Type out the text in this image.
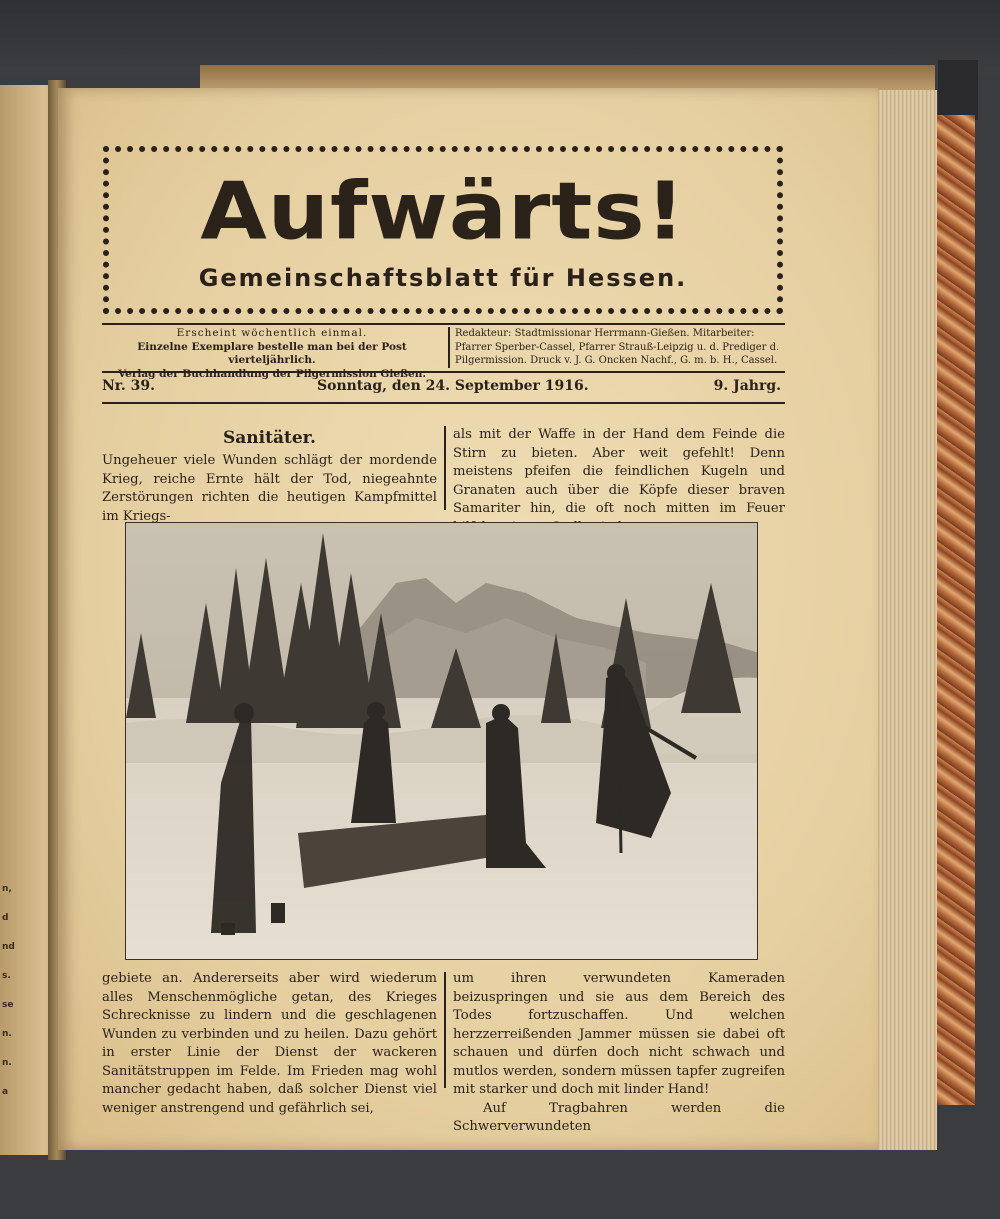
n,
d
nd
s.
se
n.
n.
a
Aufwärts!
Gemeinschaftsblatt für Hessen.
Erscheint wöchentlich einmal.
Einzelne Exemplare bestelle man bei der Post vierteljährlich.
Verlag der Buchhandlung der Pilgermission Gießen.
Redakteur: Stadtmissionar Herrmann-Gießen. Mitarbeiter:
Pfarrer Sperber-Cassel, Pfarrer Strauß-Leipzig u. d. Prediger d.
Pilgermission. Druck v. J. G. Oncken Nachf., G. m. b. H., Cassel.
Nr. 39.	Sonntag, den 24. September 1916.	9. Jahrg.
Sanitäter.
Ungeheuer viele Wunden schlägt der mordende Krieg, reiche Ernte hält der Tod, niegeahnte Zerstörungen richten die heutigen Kampfmittel im Kriegs-
als mit der Waffe in der Hand dem Feinde die Stirn zu bieten. Aber weit gefehlt! Denn meistens pfeifen die feindlichen Kugeln und Granaten auch über die Köpfe dieser braven Samariter hin, die oft noch mitten im Feuer
gebiete an. Andererseits aber wird wiederum alles Menschenmögliche getan, des Krieges Schrecknisse zu lindern und die geschlagenen Wunden zu verbinden und zu heilen. Dazu gehört in erster Linie der Dienst der wackeren Sanitätstruppen im Felde. Im Frieden mag wohl mancher gedacht haben, daß solcher Dienst viel weniger anstrengend und gefährlich sei,
um ihren verwundeten Kameraden beizuspringen und sie aus dem Bereich des Todes fortzuschaffen. Und welchen herzzerreißenden Jammer müssen sie dabei oft schauen und dürfen doch nicht schwach und mutlos werden, sondern müssen tapfer zugreifen mit starker und doch mit linder Hand!
Auf Tragbahren werden die Schwerverwundeten
